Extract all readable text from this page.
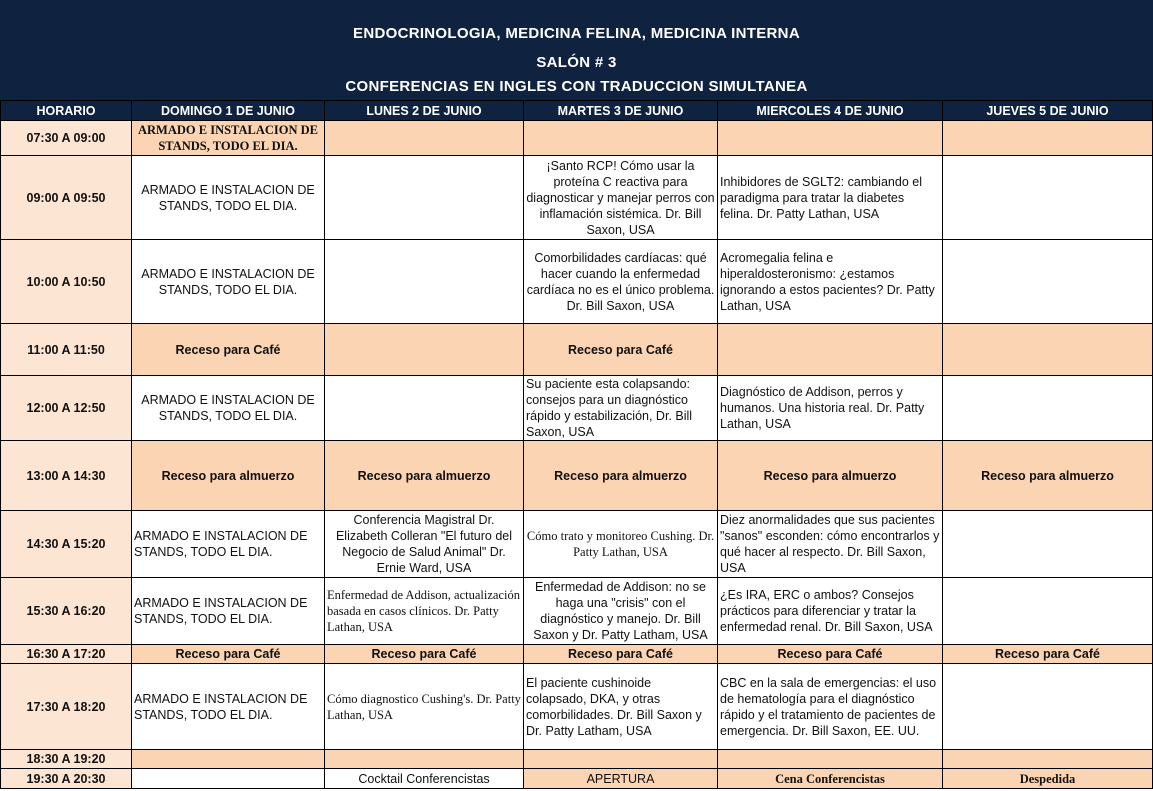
ENDOCRINOLOGIA, MEDICINA FELINA, MEDICINA INTERNA
SALÓN # 3
CONFERENCIAS EN INGLES CON TRADUCCION SIMULTANEA
HORARIO	DOMINGO 1 DE JUNIO	LUNES 2 DE JUNIO	MARTES 3 DE JUNIO	MIERCOLES 4 DE JUNIO	JUEVES 5 DE JUNIO
07:30 A 09:00	ARMADO E INSTALACION DE STANDS, TODO EL DIA.				
09:00 A 09:50	ARMADO E INSTALACION DE STANDS, TODO EL DIA.		¡Santo RCP! Cómo usar la proteína C reactiva para diagnosticar y manejar perros con inflamación sistémica. Dr. Bill Saxon, USA	Inhibidores de SGLT2: cambiando el paradigma para tratar la diabetes felina. Dr. Patty Lathan, USA	
10:00 A 10:50	ARMADO E INSTALACION DE STANDS, TODO EL DIA.		Comorbilidades cardíacas: qué hacer cuando la enfermedad cardíaca no es el único problema. Dr. Bill Saxon, USA	Acromegalia felina e hiperaldosteronismo: ¿estamos ignorando a estos pacientes? Dr. Patty Lathan, USA	
11:00 A 11:50	Receso para Café		Receso para Café		
12:00 A 12:50	ARMADO E INSTALACION DE STANDS, TODO EL DIA.		Su paciente esta colapsando: consejos para un diagnóstico rápido y estabilización, Dr. Bill Saxon, USA	Diagnóstico de Addison, perros y humanos. Una historia real. Dr. Patty Lathan, USA	
13:00 A 14:30	Receso para almuerzo	Receso para almuerzo	Receso para almuerzo	Receso para almuerzo	Receso para almuerzo
14:30 A 15:20	ARMADO E INSTALACION DE STANDS, TODO EL DIA.	Conferencia Magistral Dr. Elizabeth Colleran "El futuro del Negocio de Salud Animal" Dr. Ernie Ward, USA	Cómo trato y monitoreo Cushing. Dr. Patty Lathan, USA	Diez anormalidades que sus pacientes "sanos" esconden: cómo encontrarlos y qué hacer al respecto. Dr. Bill Saxon, USA	
15:30 A 16:20	ARMADO E INSTALACION DE STANDS, TODO EL DIA.	Enfermedad de Addison, actualización basada en casos clínicos. Dr. Patty Lathan, USA	Enfermedad de Addison: no se haga una "crisis" con el diagnóstico y manejo. Dr. Bill Saxon y Dr. Patty Latham, USA	¿Es IRA, ERC o ambos? Consejos prácticos para diferenciar y tratar la enfermedad renal. Dr. Bill Saxon, USA	
16:30 A 17:20	Receso para Café	Receso para Café	Receso para Café	Receso para Café	Receso para Café
17:30 A 18:20	ARMADO E INSTALACION DE STANDS, TODO EL DIA.	Cómo diagnostico Cushing's. Dr. Patty Lathan, USA	El paciente cushinoide colapsado, DKA, y otras comorbilidades. Dr. Bill Saxon y Dr. Patty Latham, USA	CBC en la sala de emergencias: el uso de hematología para el diagnóstico rápido y el tratamiento de pacientes de emergencia. Dr. Bill Saxon, EE. UU.	
18:30 A 19:20					
19:30 A 20:30		Cocktail Conferencistas	APERTURA	Cena Conferencistas	Despedida
